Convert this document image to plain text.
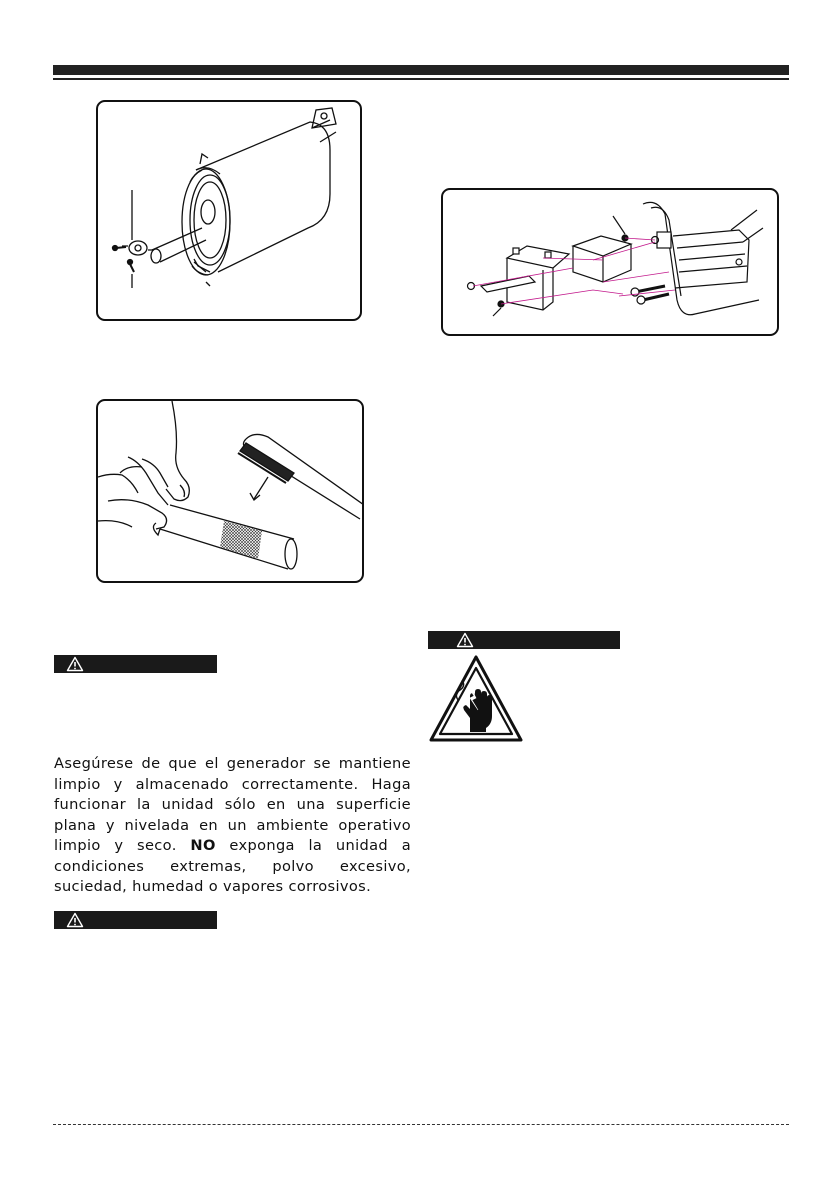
Asegúrese de que el generador se mantiene limpio y almacenado correctamente. Haga funcionar la unidad sólo en una superficie plana y nivelada en un ambiente operativo limpio y seco. NO exponga la unidad a condiciones extremas, polvo excesivo, suciedad, humedad o vapores corrosivos.
